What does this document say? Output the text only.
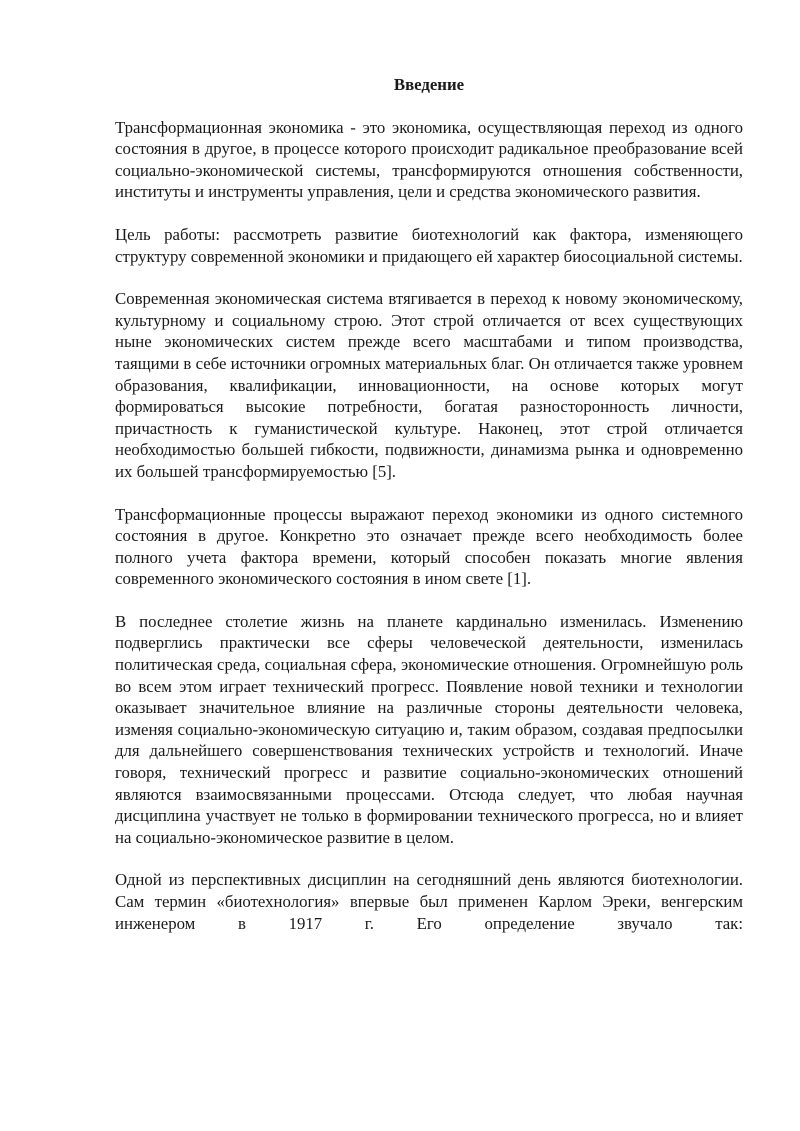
Введение

Трансформационная экономика - это экономика, осуществляющая переход из одного состояния в другое, в процессе которого происходит радикальное преобразование всей социально-экономической системы, трансформируются отношения собственности, институты и инструменты управления, цели и средства экономического развития.

Цель работы: рассмотреть развитие биотехнологий как фактора, изменяющего структуру современной экономики и придающего ей характер биосоциальной системы.

Современная экономическая система втягивается в переход к новому экономическому, культурному и социальному строю. Этот строй отличается от всех существующих ныне экономических систем прежде всего масштабами и типом производства, таящими в себе источники огромных материальных благ. Он отличается также уровнем образования, квалификации, инновационности, на основе которых могут формироваться высокие потребности, богатая разносторонность личности, причастность к гуманистической культуре. Наконец, этот строй отличается необходимостью большей гибкости, подвижности, динамизма рынка и одновременно их большей трансформируемостью [5].

Трансформационные процессы выражают переход экономики из одного системного состояния в другое. Конкретно это означает прежде всего необходимость более полного учета фактора времени, который способен показать многие явления современного экономического состояния в ином свете [1].

В последнее столетие жизнь на планете кардинально изменилась. Изменению подверглись практически все сферы человеческой деятельности, изменилась политическая среда, социальная сфера, экономические отношения. Огромнейшую роль во всем этом играет технический прогресс. Появление новой техники и технологии оказывает значительное влияние на различные стороны деятельности человека, изменяя социально-экономическую ситуацию и, таким образом, создавая предпосылки для дальнейшего совершенствования технических устройств и технологий. Иначе говоря, технический прогресс и развитие социально-экономических отношений являются взаимосвязанными процессами. Отсюда следует, что любая научная дисциплина участвует не только в формировании технического прогресса, но и влияет на социально-экономическое развитие в целом.

Одной из перспективных дисциплин на сегодняшний день являются биотехнологии. Сам термин «биотехнология» впервые был применен Карлом Эреки, венгерским инженером в 1917 г. Его определение звучало так:
